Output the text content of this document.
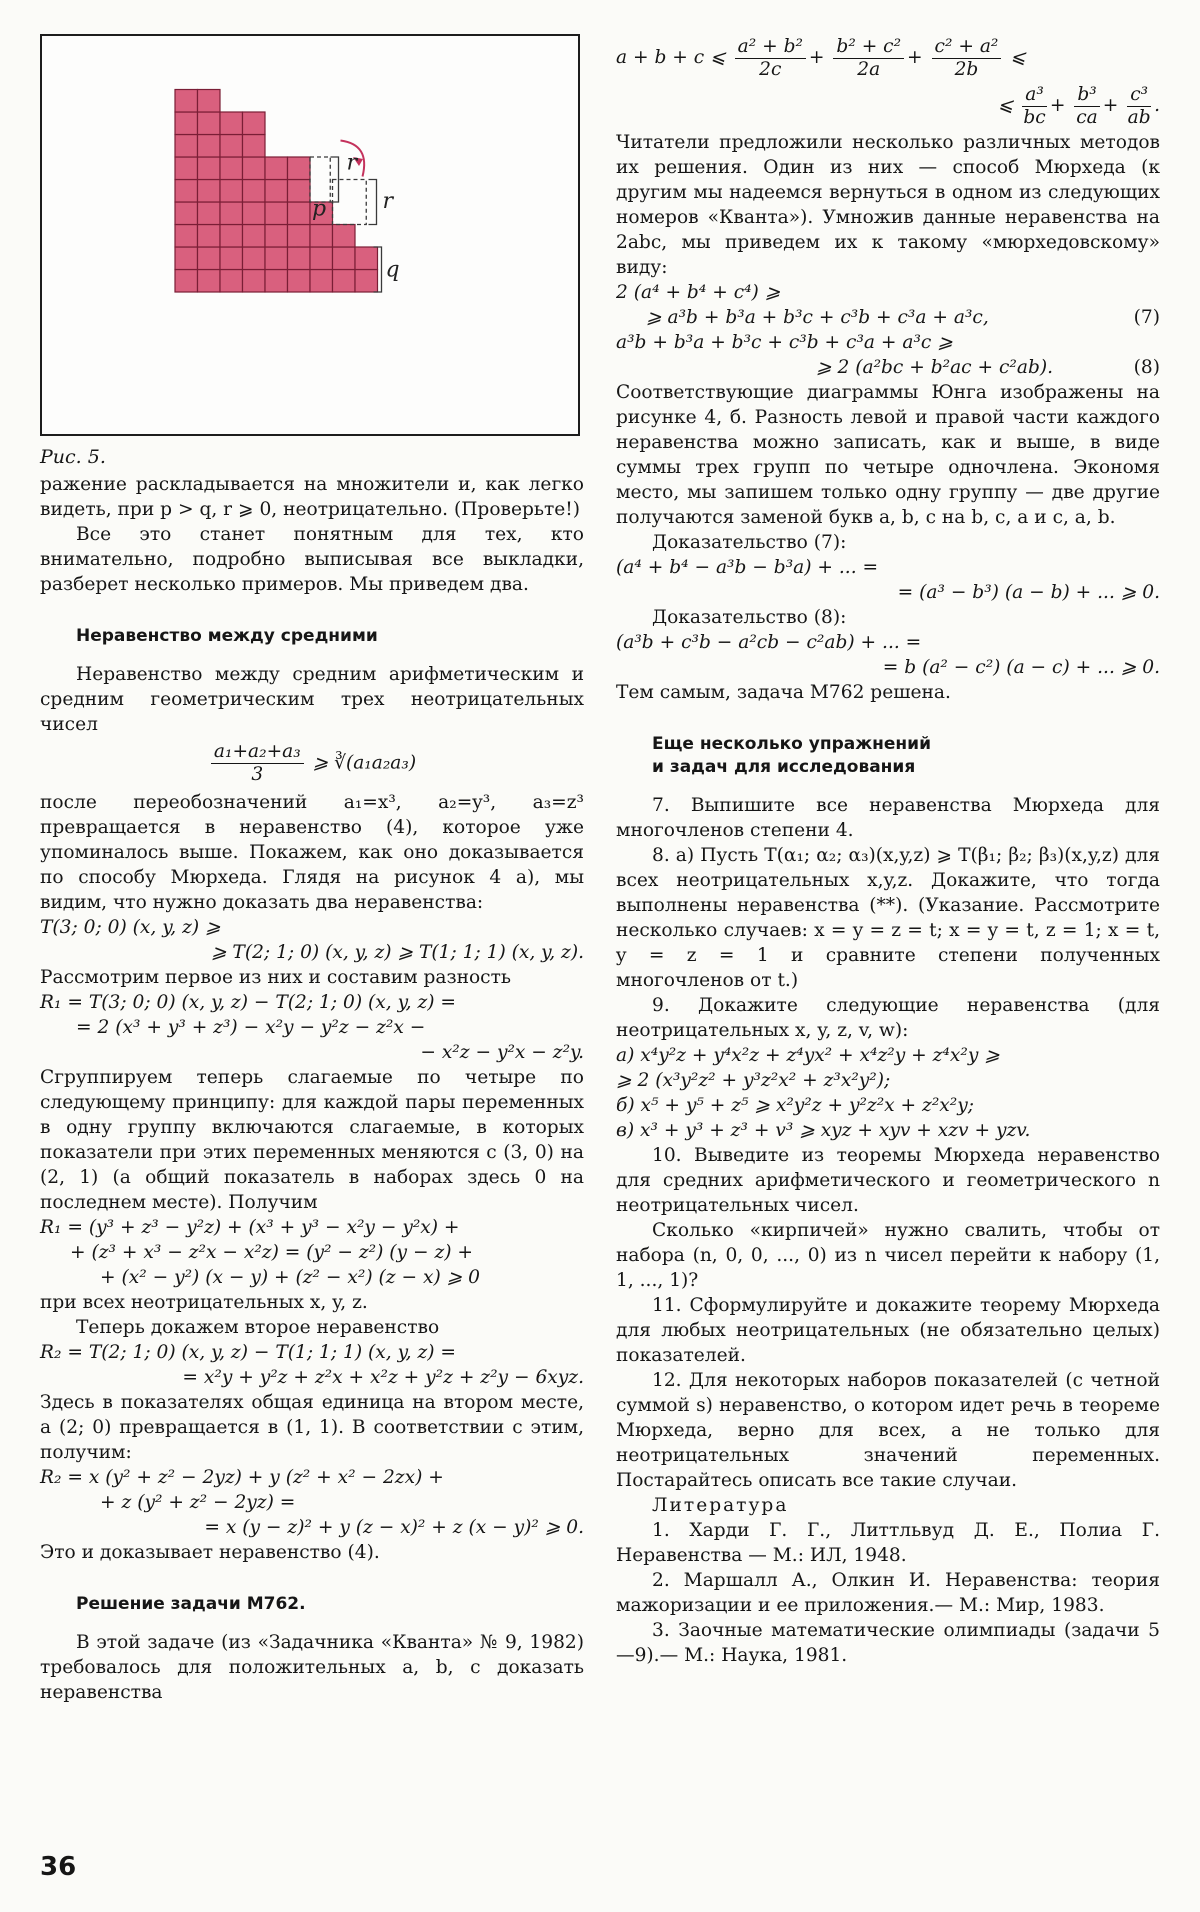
r
r
p
q
Рис. 5.

ражение раскладывается на множители и, как легко видеть, при p > q, r ⩾ 0, неотрицательно. (Проверьте!)

Все это станет понятным для тех, кто внимательно, подробно выписывая все выкладки, разберет несколько примеров. Мы приведем два.

Неравенство между средними

Неравенство между средним арифметическим и средним геометрическим трех неотрицательных чисел

$\frac{\text{a₁+a₂+a₃}}{3}$ ⩾ ∛(a₁a₂a₃)

после переобозначений a₁=x³, a₂=y³, a₃=z³ превращается в неравенство (4), которое уже упоминалось выше. Покажем, как оно доказывается по способу Мюрхеда. Глядя на рисунок 4 а), мы видим, что нужно доказать два неравенства:

T(3; 0; 0) (x, y, z) ⩾
⩾ T(2; 1; 0) (x, y, z) ⩾ T(1; 1; 1) (x, y, z).

Рассмотрим первое из них и составим разность

R₁ = T(3; 0; 0) (x, y, z) − T(2; 1; 0) (x, y, z) =
= 2 (x³ + y³ + z³) − x²y − y²z − z²x −
− x²z − y²x − z²y.

Сгруппируем теперь слагаемые по четыре по следующему принципу: для каждой пары переменных в одну группу включаются слагаемые, в которых показатели при этих переменных меняются с (3, 0) на (2, 1) (а общий показатель в наборах здесь 0 на последнем месте). Получим

R₁ = (y³ + z³ − y²z) + (x³ + y³ − x²y − y²x) +
+ (z³ + x³ − z²x − x²z) = (y² − z²) (y − z) +
+ (x² − y²) (x − y) + (z² − x²) (z − x) ⩾ 0

при всех неотрицательных x, y, z.

Теперь докажем второе неравенство

R₂ = T(2; 1; 0) (x, y, z) − T(1; 1; 1) (x, y, z) =
= x²y + y²z + z²x + x²z + y²z + z²y − 6xyz.

Здесь в показателях общая единица на втором месте, а (2; 0) превращается в (1, 1). В соответствии с этим, получим:

R₂ = x (y² + z² − 2yz) + y (z² + x² − 2zx) +
+ z (y² + z² − 2yz) =
= x (y − z)² + y (z − x)² + z (x − y)² ⩾ 0.

Это и доказывает неравенство (4).

Решение задачи М762.

В этой задаче (из «Задачника «Кванта» № 9, 1982) требовалось для положительных a, b, c доказать неравенства

a + b + c ⩽ $\frac{\text{a² + b²}}{2c} + \frac{\text{b² + c²}}{2a} + \frac{\text{c² + a²}}{2b}$ ⩽
⩽ $\frac{\text{a³}}{bc} + \frac{\text{b³}}{ca} + \frac{\text{c³}}{ab}$ .

Читатели предложили несколько различных методов их решения. Один из них — способ Мюрхеда (к другим мы надеемся вернуться в одном из следующих номеров «Кванта»). Умножив данные неравенства на 2abc, мы приведем их к такому «мюрхедовскому» виду:

2 (a⁴ + b⁴ + c⁴) ⩾
⩾ a³b + b³a + b³c + c³b + c³a + a³c,	(7)
a³b + b³a + b³c + c³b + c³a + a³c ⩾
⩾ 2 (a²bc + b²ac + c²ab).	(8)

Соответствующие диаграммы Юнга изображены на рисунке 4, б. Разность левой и правой части каждого неравенства можно записать, как и выше, в виде суммы трех групп по четыре одночлена. Экономя место, мы запишем только одну группу — две другие получаются заменой букв a, b, c на b, c, a и c, a, b.

Доказательство (7):

(a⁴ + b⁴ − a³b − b³a) + ... =
= (a³ − b³) (a − b) + ... ⩾ 0.

Доказательство (8):

(a³b + c³b − a²cb − c²ab) + ... =
= b (a² − c²) (a − c) + ... ⩾ 0.

Тем самым, задача М762 решена.

Еще несколько упражнений
и задач для исследования

7. Выпишите все неравенства Мюрхеда для многочленов степени 4.

8. а) Пусть T(α₁; α₂; α₃)(x,y,z) ⩾ T(β₁; β₂; β₃)(x,y,z) для всех неотрицательных x,y,z. Докажите, что тогда выполнены неравенства (**). (Указание. Рассмотрите несколько случаев: x = y = z = t; x = y = t, z = 1; x = t, y = z = 1 и сравните степени полученных многочленов от t.)

9. Докажите следующие неравенства (для неотрицательных x, y, z, v, w):

а) x⁴y²z + y⁴x²z + z⁴yx² + x⁴z²y + z⁴x²y ⩾
⩾ 2 (x³y²z² + y³z²x² + z³x²y²);
б) x⁵ + y⁵ + z⁵ ⩾ x²y²z + y²z²x + z²x²y;
в) x³ + y³ + z³ + v³ ⩾ xyz + xyv + xzv + yzv.

10. Выведите из теоремы Мюрхеда неравенство для средних арифметического и геометрического n неотрицательных чисел.

Сколько «кирпичей» нужно свалить, чтобы от набора (n, 0, 0, ..., 0) из n чисел перейти к набору (1, 1, ..., 1)?

11. Сформулируйте и докажите теорему Мюрхеда для любых неотрицательных (не обязательно целых) показателей.

12. Для некоторых наборов показателей (с четной суммой s) неравенство, о котором идет речь в теореме Мюрхеда, верно для всех, а не только для неотрицательных значений переменных. Постарайтесь описать все такие случаи.

Литература

1. Харди Г. Г., Литтльвуд Д. Е., Полиа Г. Неравенства — М.: ИЛ, 1948.

2. Маршалл А., Олкин И. Неравенства: теория мажоризации и ее приложения.— М.: Мир, 1983.

3. Заочные математические олимпиады (задачи 5—9).— М.: Наука, 1981.

36
